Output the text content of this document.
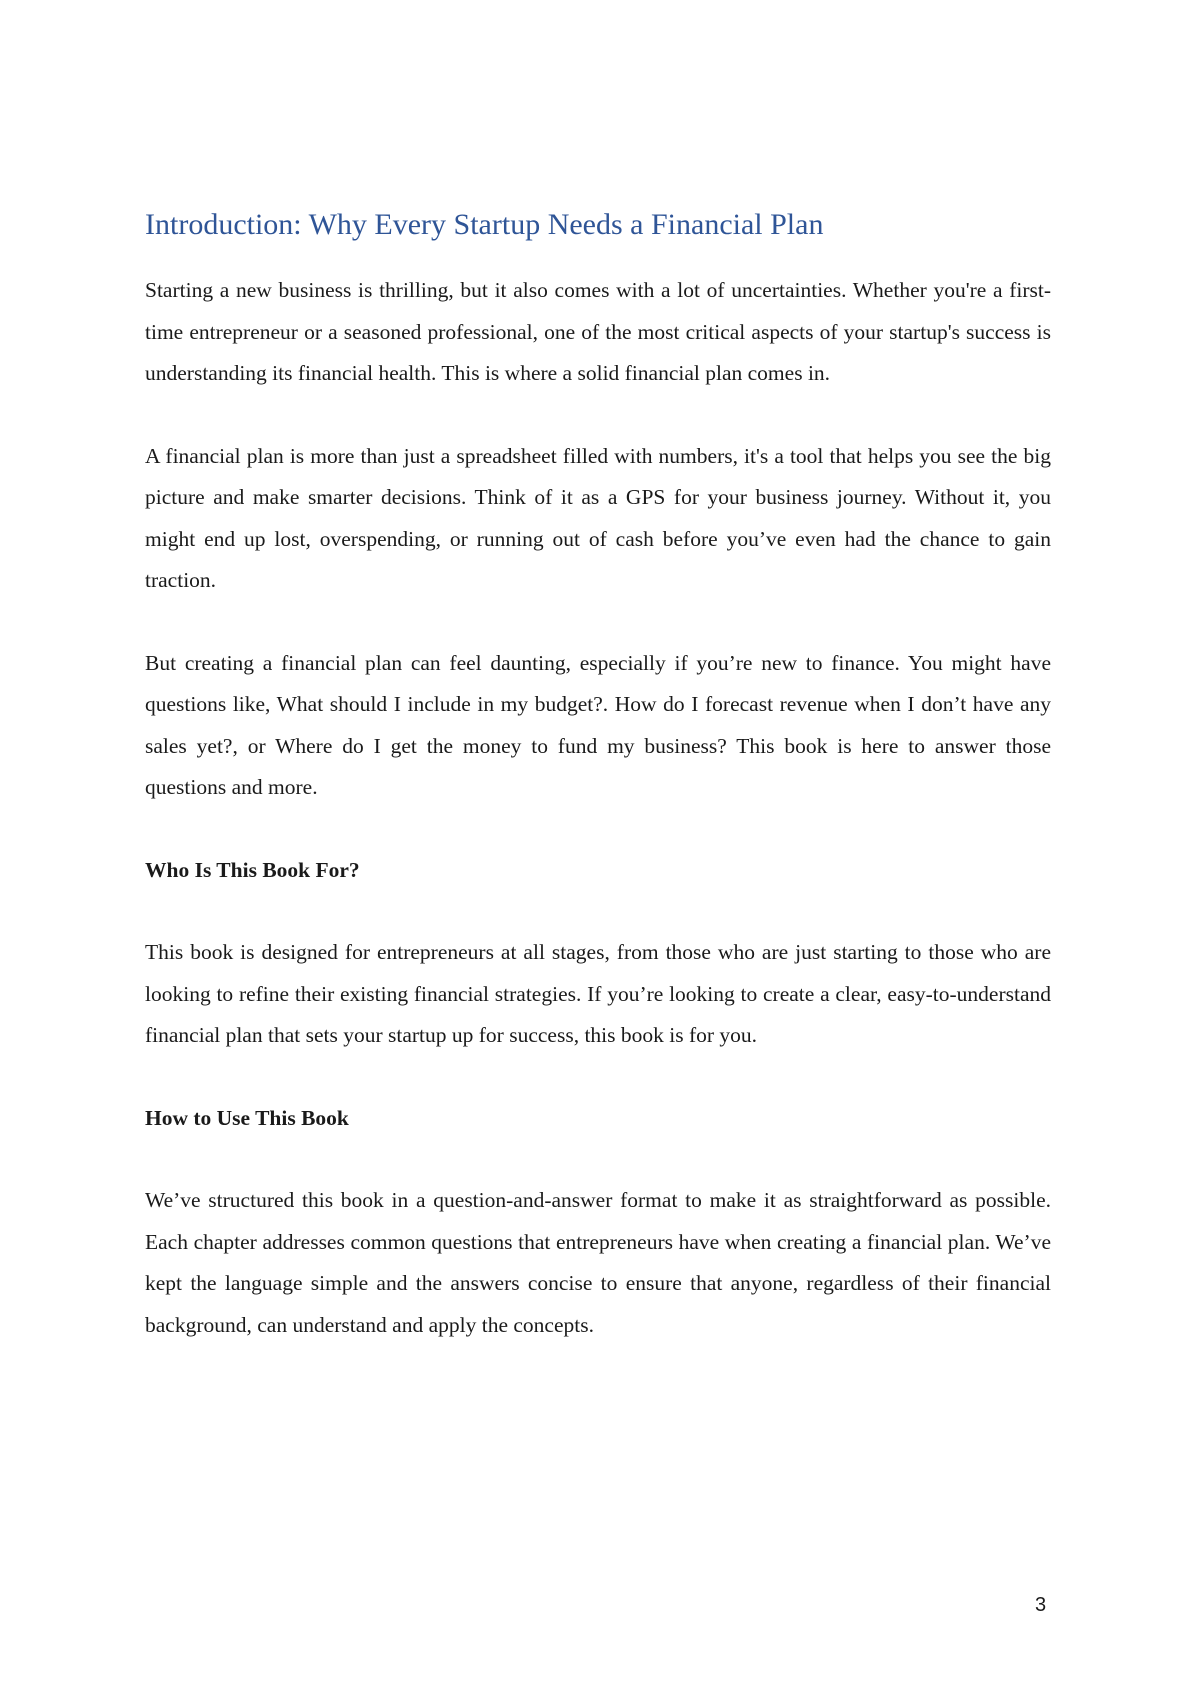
Introduction: Why Every Startup Needs a Financial Plan

Starting a new business is thrilling, but it also comes with a lot of uncertainties. Whether you're a first-time entrepreneur or a seasoned professional, one of the most critical aspects of your startup's success is understanding its financial health. This is where a solid financial plan comes in.

A financial plan is more than just a spreadsheet filled with numbers, it's a tool that helps you see the big picture and make smarter decisions. Think of it as a GPS for your business journey. Without it, you might end up lost, overspending, or running out of cash before you’ve even had the chance to gain traction.

But creating a financial plan can feel daunting, especially if you’re new to finance. You might have questions like, What should I include in my budget?. How do I forecast revenue when I don’t have any sales yet?, or Where do I get the money to fund my business? This book is here to answer those questions and more.

Who Is This Book For?

This book is designed for entrepreneurs at all stages, from those who are just starting to those who are looking to refine their existing financial strategies. If you’re looking to create a clear, easy-to-understand financial plan that sets your startup up for success, this book is for you.

How to Use This Book

We’ve structured this book in a question-and-answer format to make it as straightforward as possible. Each chapter addresses common questions that entrepreneurs have when creating a financial plan. We’ve kept the language simple and the answers concise to ensure that anyone, regardless of their financial background, can understand and apply the concepts.

3
